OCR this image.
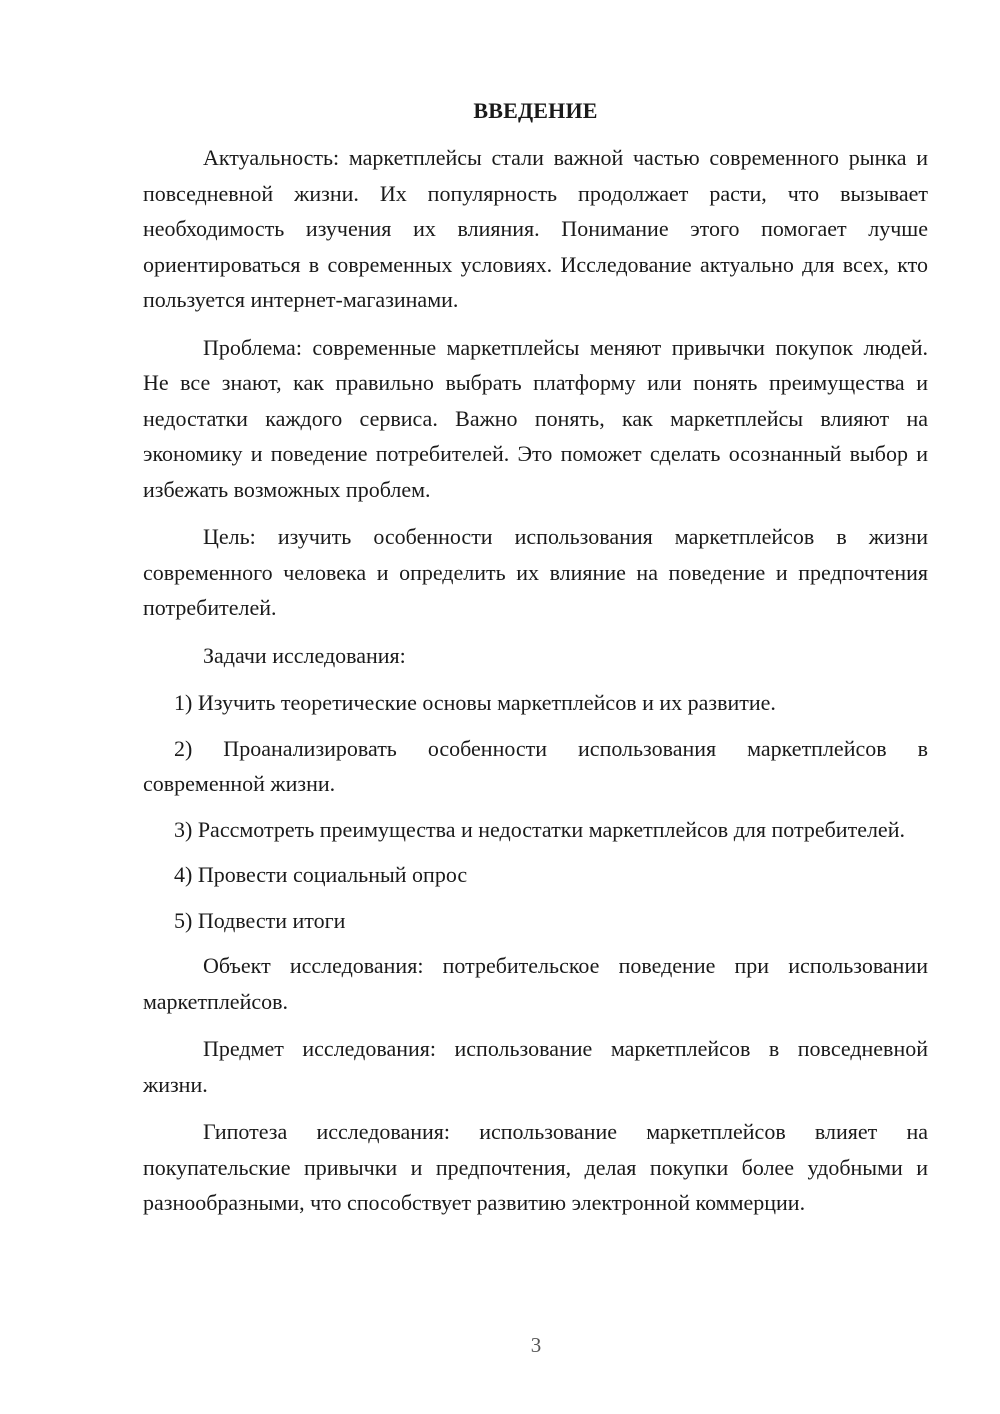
ВВЕДЕНИЕ

Актуальность: маркетплейсы стали важной частью современного рынка и повседневной жизни. Их популярность продолжает расти, что вызывает необходимость изучения их влияния. Понимание этого помогает лучше ориентироваться в современных условиях. Исследование актуально для всех, кто пользуется интернет-магазинами.

Проблема: современные маркетплейсы меняют привычки покупок людей. Не все знают, как правильно выбрать платформу или понять преимущества и недостатки каждого сервиса. Важно понять, как маркетплейсы влияют на экономику и поведение потребителей. Это поможет сделать осознанный выбор и избежать возможных проблем.

Цель: изучить особенности использования маркетплейсов в жизни современного человека и определить их влияние на поведение и предпочтения потребителей.

Задачи исследования:

1) Изучить теоретические основы маркетплейсов и их развитие.

2) Проанализировать особенности использования маркетплейсов в современной жизни.

3) Рассмотреть преимущества и недостатки маркетплейсов для потребителей.

4) Провести социальный опрос

5) Подвести итоги

Объект исследования: потребительское поведение при использовании маркетплейсов.

Предмет исследования: использование маркетплейсов в повседневной жизни.

Гипотеза исследования: использование маркетплейсов влияет на покупательские привычки и предпочтения, делая покупки более удобными и разнообразными, что способствует развитию электронной коммерции.

3
